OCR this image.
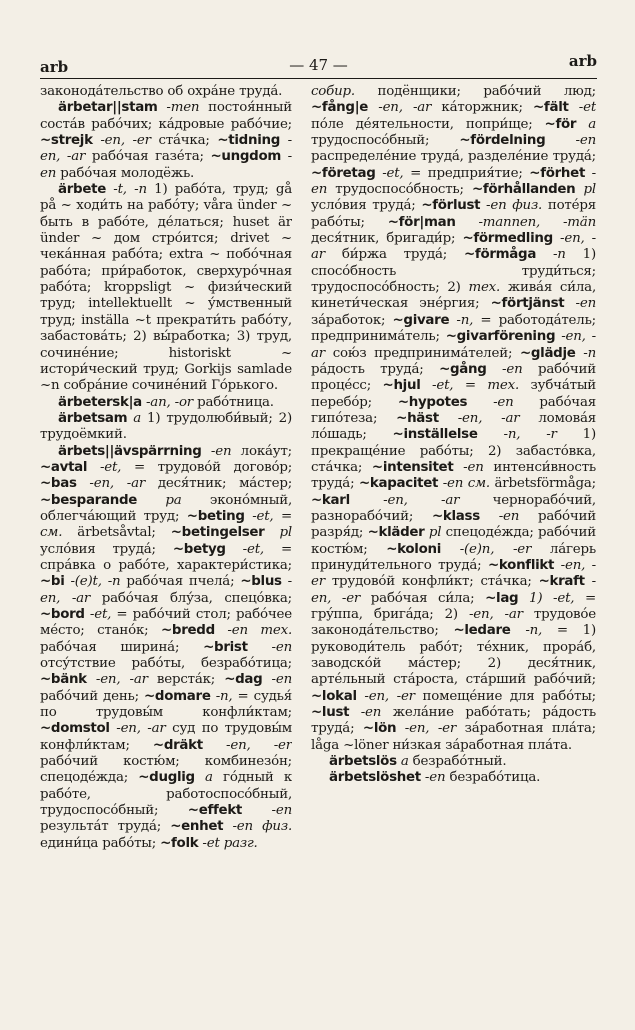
arb	— 47 —	arb

законодáтельство об охрáне трудá.

ärbetar||stam -men постоя́нный состáв рабóчих; кáдровые рабóчие; ~strejk -en, -er стáчка; ~tidning -en, -ar рабóчая газéта; ~ungdom -en рабóчая молодёжь.

ärbete -t, -n 1) рабóта, труд; gå på ~ ходи́ть на рабóту; våra ünder ~ быть в рабóте, дéлаться; huset är ünder ~ дом стрóится; drivet ~ чекáнная рабóта; extra ~ побóчная рабóта; при́работок, сверхурóчная рабóта; kroppsligt ~ физи́ческий труд; intellektuellt ~ у́мственный труд; inställa ~t прекрати́ть рабóту, забастовáть; 2) вы́работка; 3) труд, сочинéние; historiskt ~ истори́ческий труд; Gorkijs samlade ~n собрáние сочинéний Гóрького.

ärbetersk|a -an, -or рабóтница.

ärbetsam a 1) трудолюби́вый; 2) трудоёмкий.

ärbets||ävspärrning -en локáут; ~avtal -et, = трудовóй договóр; ~bas -en, -ar деся́тник; мáстер; ~besparande pa эконóмный, облегчáющий труд; ~beting -et, = см. ärbetsåvtal; ~betingelser pl услóвия трудá; ~betyg -et, = спрáвка о рабóте, характери́стика; ~bi -(e)t, -n рабóчая пчелá; ~blus -en, -ar рабóчая блу́за, спецóвка; ~bord -et, = рабóчий стол; рабóчее мéсто; станóк; ~bredd -en mex. рабóчая ширинá; ~brist -en отсу́тствие рабóты, безрабóтица; ~bänk -en, -ar верстáк; ~dag -en рабóчий день; ~domare -n, = судья́ по трудовы́м конфли́ктам; ~domstol -en, -ar суд по трудовы́м конфли́ктам; ~dräkt -en, -er рабóчий костю́м; комбинезóн; спецодéжда; ~duglig a гóдный к рабóте, работоспосóбный, трудоспосóбный; ~effekt -en результáт трудá; ~enhet -en физ. едини́ца рабóты; ~folk -et разг.

собир. подёнщики; рабóчий люд; ~fång|e -en, -ar кáторжник; ~fält -et пóле дéятельности, попри́ще; ~för a трудоспосóбный; ~fördelning -en распределéние трудá, разделéние трудá; ~företag -et, = предприя́тие; ~förhet -en трудоспосóбность; ~förhållanden pl услóвия трудá; ~förlust -en физ. потéря рабóты; ~för|man -mannen, -män деся́тник, бригади́р; ~förmedling -en, -ar би́ржа трудá; ~förmåga -n 1) спосóбность труди́ться; трудоспосóбность; 2) mex. живáя си́ла, кинети́ческая энéргия; ~förtjänst -en зáработок; ~givare -n, = работодáтель; предпринимáтель; ~givarförening -en, -ar сою́з предпринимáтелей; ~glädje -n рáдость трудá; ~gång -en рабóчий процéсс; ~hjul -et, = mex. зубчáтый перебóр; ~hypotes -en рабóчая гипóтеза; ~häst -en, -ar ломовáя лóшадь; ~inställelse -n, -r 1) прекращéние рабóты; 2) забастóвка, стáчка; ~intensitet -en интенси́вность трудá; ~kapacitet -en см. ärbetsförmåga; ~karl -en, -ar чернорабóчий, разнорабóчий; ~klass -en рабóчий разря́д; ~kläder pl спецодéжда; рабóчий костю́м; ~koloni -(e)n, -er лáгерь принуди́тельного трудá; ~konflikt -en, -er трудовóй конфли́кт; стáчка; ~kraft -en, -er рабóчая си́ла; ~lag 1) -et, = грýппа, бригáда; 2) -en, -ar трудовóе законодáтельство; ~ledare -n, = 1) руководи́тель рабóт; тéхник, прорáб, заводскóй мáстер; 2) деся́тник, артéльный стáроста, стáрший рабóчий; ~lokal -en, -er помещéние для рабóты; ~lust -en желáние рабóтать; рáдость трудá; ~lön -en, -er зáработная плáта; låga ~löner ни́зкая зáработная плáта.

ärbetslös a безрабóтный.

ärbetslöshet -en безрабóтица.
